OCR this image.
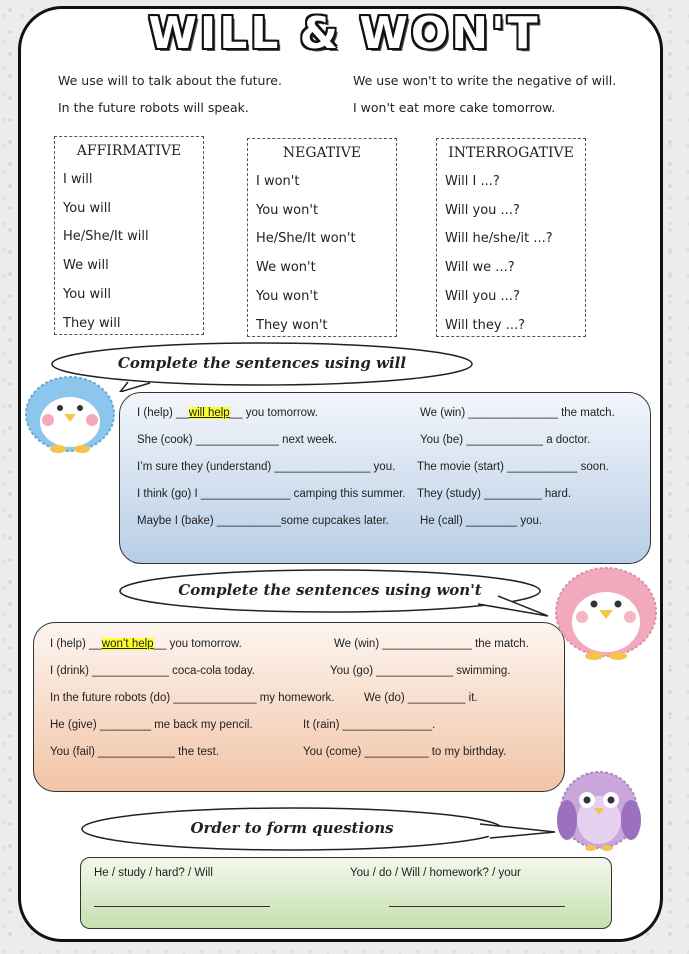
WILL & WON'T
We use will to talk about the future.
In the future robots will speak.
We use won't to write the negative of will.
I won't eat more cake tomorrow.
AFFIRMATIVE
I will
You will
He/She/It will
We will
You will
They will
NEGATIVE
I won't
You won't
He/She/It won't
We won't
You won't
They won't
INTERROGATIVE
Will I ...?
Will you ...?
Will he/she/it ...?
Will we ...?
Will you ...?
Will they ...?
Complete the sentences using will
I (help) __will help__ you tomorrow.
She (cook) _____________ next week.
I’m sure they (understand) _______________ you.
I think (go) I ______________ camping this summer.
Maybe I (bake) __________some cupcakes later.
We (win) ______________ the match.
You (be) ____________ a doctor.
The movie (start) ___________ soon.
They (study) _________ hard.
He (call) ________ you.
Complete the sentences using won't
I (help) __won’t help__ you tomorrow.
I (drink) ____________ coca-cola today.
In the future robots (do) _____________ my homework.
He (give) ________ me back my pencil.
You (fail) ____________ the test.
We (win) ______________ the match.
You (go) ____________ swimming.
We (do) _________ it.
It (rain) ______________.
You (come) __________ to my birthday.
Order to form questions
He / study / hard? / Will	You / do / Will / homework? / your
